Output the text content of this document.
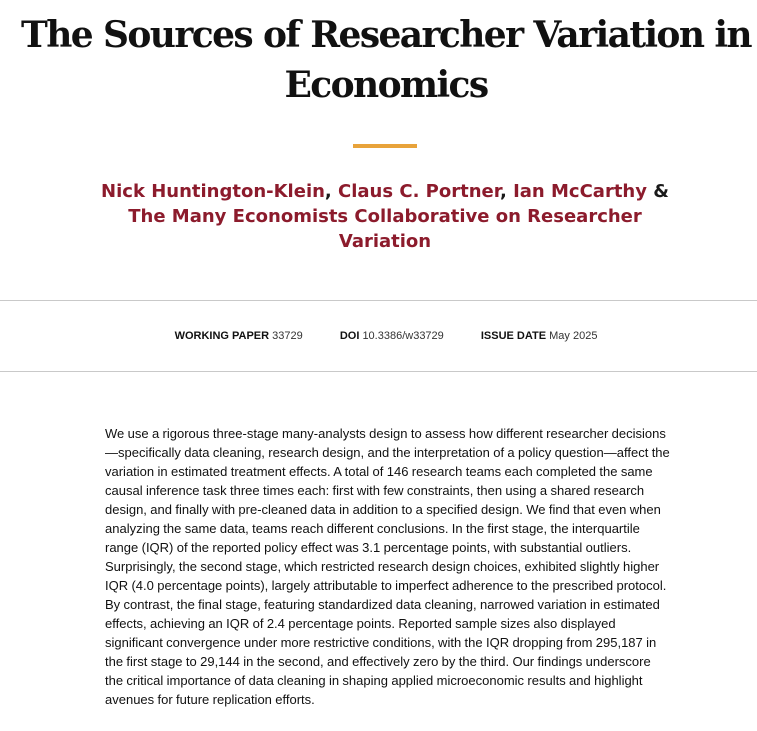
The Sources of Researcher Variation in Economics
Nick Huntington-Klein, Claus C. Portner, Ian McCarthy & The Many Economists Collaborative on Researcher Variation
WORKING PAPER 33729	DOI 10.3386/w33729	ISSUE DATE May 2025

We use a rigorous three-stage many-analysts design to assess how different researcher decisions—specifically data cleaning, research design, and the interpretation of a policy question—affect the variation in estimated treatment effects. A total of 146 research teams each completed the same causal inference task three times each: first with few constraints, then using a shared research design, and finally with pre-cleaned data in addition to a specified design. We find that even when analyzing the same data, teams reach different conclusions. In the first stage, the interquartile range (IQR) of the reported policy effect was 3.1 percentage points, with substantial outliers. Surprisingly, the second stage, which restricted research design choices, exhibited slightly higher IQR (4.0 percentage points), largely attributable to imperfect adherence to the prescribed protocol. By contrast, the final stage, featuring standardized data cleaning, narrowed variation in estimated effects, achieving an IQR of 2.4 percentage points. Reported sample sizes also displayed significant convergence under more restrictive conditions, with the IQR dropping from 295,187 in the first stage to 29,144 in the second, and effectively zero by the third. Our findings underscore the critical importance of data cleaning in shaping applied microeconomic results and highlight avenues for future replication efforts.
